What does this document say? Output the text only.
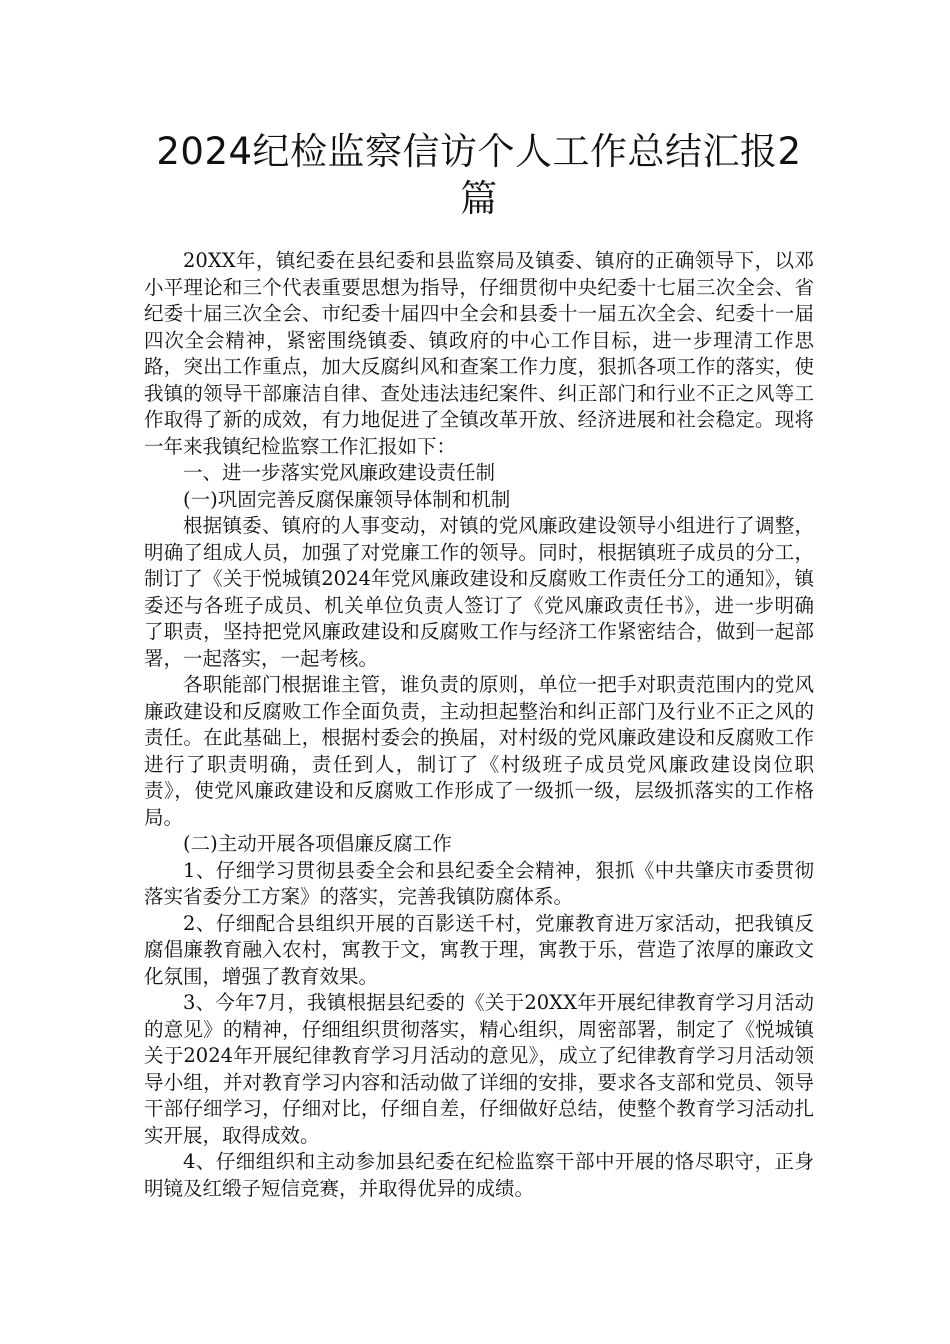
2024纪检监察信访个人工作总结汇报2篇

20XX年，镇纪委在县纪委和县监察局及镇委、镇府的正确领导下，以邓小平理论和三个代表重要思想为指导，仔细贯彻中央纪委十七届三次全会、省纪委十届三次全会、市纪委十届四中全会和县委十一届五次全会、纪委十一届四次全会精神，紧密围绕镇委、镇政府的中心工作目标，进一步理清工作思路，突出工作重点，加大反腐纠风和查案工作力度，狠抓各项工作的落实，使我镇的领导干部廉洁自律、查处违法违纪案件、纠正部门和行业不正之风等工作取得了新的成效，有力地促进了全镇改革开放、经济进展和社会稳定。现将一年来我镇纪检监察工作汇报如下：

一、进一步落实党风廉政建设责任制

(一)巩固完善反腐保廉领导体制和机制

根据镇委、镇府的人事变动，对镇的党风廉政建设领导小组进行了调整，明确了组成人员，加强了对党廉工作的领导。同时，根据镇班子成员的分工，制订了《关于悦城镇2024年党风廉政建设和反腐败工作责任分工的通知》，镇委还与各班子成员、机关单位负责人签订了《党风廉政责任书》，进一步明确了职责，坚持把党风廉政建设和反腐败工作与经济工作紧密结合，做到一起部署，一起落实，一起考核。

各职能部门根据谁主管，谁负责的原则，单位一把手对职责范围内的党风廉政建设和反腐败工作全面负责，主动担起整治和纠正部门及行业不正之风的责任。在此基础上，根据村委会的换届，对村级的党风廉政建设和反腐败工作进行了职责明确，责任到人，制订了《村级班子成员党风廉政建设岗位职责》，使党风廉政建设和反腐败工作形成了一级抓一级，层级抓落实的工作格局。

(二)主动开展各项倡廉反腐工作

1、仔细学习贯彻县委全会和县纪委全会精神，狠抓《中共肇庆市委贯彻落实省委分工方案》的落实，完善我镇防腐体系。

2、仔细配合县组织开展的百影送千村，党廉教育进万家活动，把我镇反腐倡廉教育融入农村，寓教于文，寓教于理，寓教于乐，营造了浓厚的廉政文化氛围，增强了教育效果。

3、今年7月，我镇根据县纪委的《关于20XX年开展纪律教育学习月活动的意见》的精神，仔细组织贯彻落实，精心组织，周密部署，制定了《悦城镇关于2024年开展纪律教育学习月活动的意见》，成立了纪律教育学习月活动领导小组，并对教育学习内容和活动做了详细的安排，要求各支部和党员、领导干部仔细学习，仔细对比，仔细自差，仔细做好总结，使整个教育学习活动扎实开展，取得成效。

4、仔细组织和主动参加县纪委在纪检监察干部中开展的恪尽职守，正身明镜及红缎子短信竞赛，并取得优异的成绩。
